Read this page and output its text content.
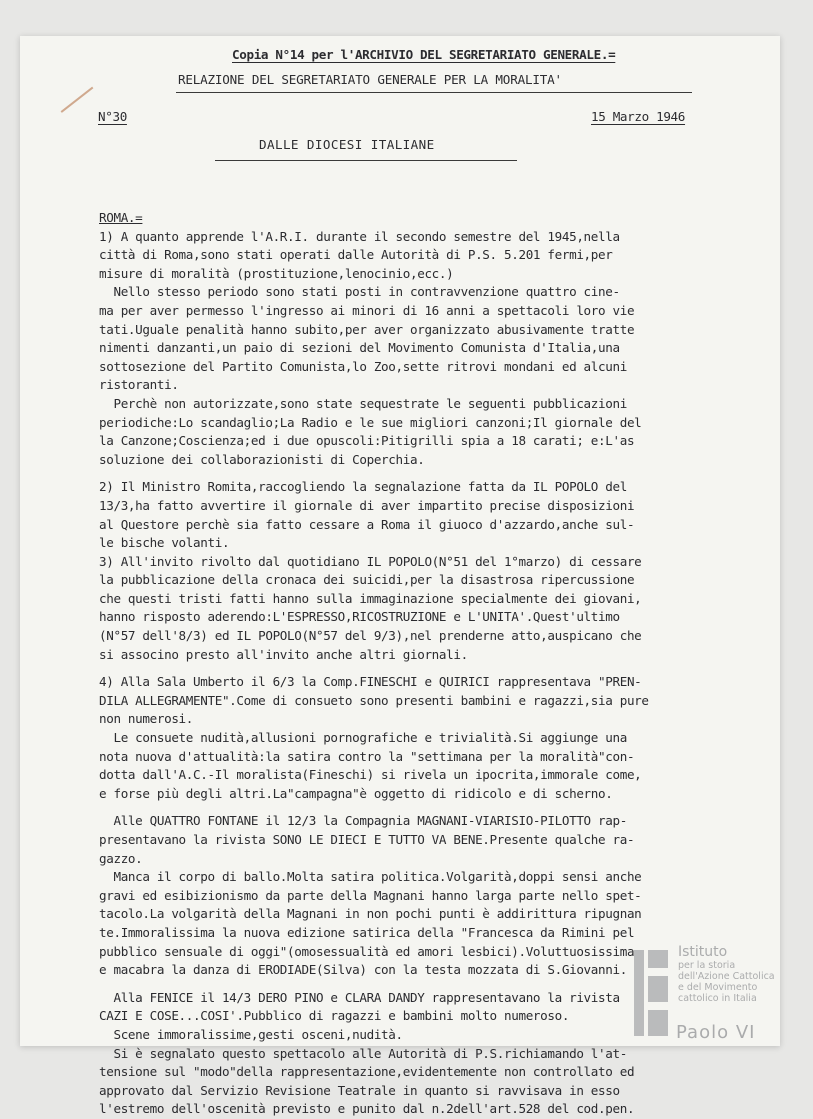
Copia N°14 per l'ARCHIVIO DEL SEGRETARIATO GENERALE.=
RELAZIONE DEL SEGRETARIATO GENERALE PER LA MORALITA'
N°30	15 Marzo 1946
DALLE DIOCESI ITALIANE
ROMA.=
1) A quanto apprende l'A.R.I. durante il secondo semestre del 1945,nella
città di Roma,sono stati operati dalle Autorità di P.S. 5.201 fermi,per
misure di moralità (prostituzione,lenocinio,ecc.)
Nello stesso periodo sono stati posti in contravvenzione quattro cine-
ma per aver permesso l'ingresso ai minori di 16 anni a spettacoli loro vie
tati.Uguale penalità hanno subito,per aver organizzato abusivamente tratte
nimenti danzanti,un paio di sezioni del Movimento Comunista d'Italia,una
sottosezione del Partito Comunista,lo Zoo,sette ritrovi mondani ed alcuni
ristoranti.
Perchè non autorizzate,sono state sequestrate le seguenti pubblicazioni
periodiche:Lo scandaglio;La Radio e le sue migliori canzoni;Il giornale del
la Canzone;Coscienza;ed i due opuscoli:Pitigrilli spia a 18 carati; e:L'as
soluzione dei collaborazionisti di Coperchia.
2) Il Ministro Romita,raccogliendo la segnalazione fatta da IL POPOLO del
13/3,ha fatto avvertire il giornale di aver impartito precise disposizioni
al Questore perchè sia fatto cessare a Roma il giuoco d'azzardo,anche sul-
le bische volanti.
3) All'invito rivolto dal quotidiano IL POPOLO(N°51 del 1°marzo) di cessare
la pubblicazione della cronaca dei suicidi,per la disastrosa ripercussione
che questi tristi fatti hanno sulla immaginazione specialmente dei giovani,
hanno risposto aderendo:L'ESPRESSO,RICOSTRUZIONE e L'UNITA'.Quest'ultimo
(N°57 dell'8/3) ed IL POPOLO(N°57 del 9/3),nel prenderne atto,auspicano che
si associno presto all'invito anche altri giornali.
4) Alla Sala Umberto il 6/3 la Comp.FINESCHI e QUIRICI rappresentava "PREN-
DILA ALLEGRAMENTE".Come di consueto sono presenti bambini e ragazzi,sia pure
non numerosi.
Le consuete nudità,allusioni pornografiche e trivialità.Si aggiunge una
nota nuova d'attualità:la satira contro la "settimana per la moralità"con-
dotta dall'A.C.-Il moralista(Fineschi) si rivela un ipocrita,immorale come,
e forse più degli altri.La"campagna"è oggetto di ridicolo e di scherno.
Alle QUATTRO FONTANE il 12/3 la Compagnia MAGNANI-VIARISIO-PILOTTO rap-
presentavano la rivista SONO LE DIECI E TUTTO VA BENE.Presente qualche ra-
gazzo.
Manca il corpo di ballo.Molta satira politica.Volgarità,doppi sensi anche
gravi ed esibizionismo da parte della Magnani hanno larga parte nello spet-
tacolo.La volgarità della Magnani in non pochi punti è addirittura ripugnan
te.Immoralissima la nuova edizione satirica della "Francesca da Rimini pel
pubblico sensuale di oggi"(omosessualità ed amori lesbici).Voluttuosissima
e macabra la danza di ERODIADE(Silva) con la testa mozzata di S.Giovanni.
Alla FENICE il 14/3 DERO PINO e CLARA DANDY rappresentavano la rivista
CAZI E COSE...COSI'.Pubblico di ragazzi e bambini molto numeroso.
Scene immoralissime,gesti osceni,nudità.
Si è segnalato questo spettacolo alle Autorità di P.S.richiamando l'at-
tensione sul "modo"della rappresentazione,evidentemente non controllato ed
approvato dal Servizio Revisione Teatrale in quanto si ravvisava in esso
l'estremo dell'oscenità previsto e punito dal n.2dell'art.528 del cod.pen.
Istituto
per la storia
dell'Azione Cattolica
e del Movimento
cattolico in Italia
Paolo VI
